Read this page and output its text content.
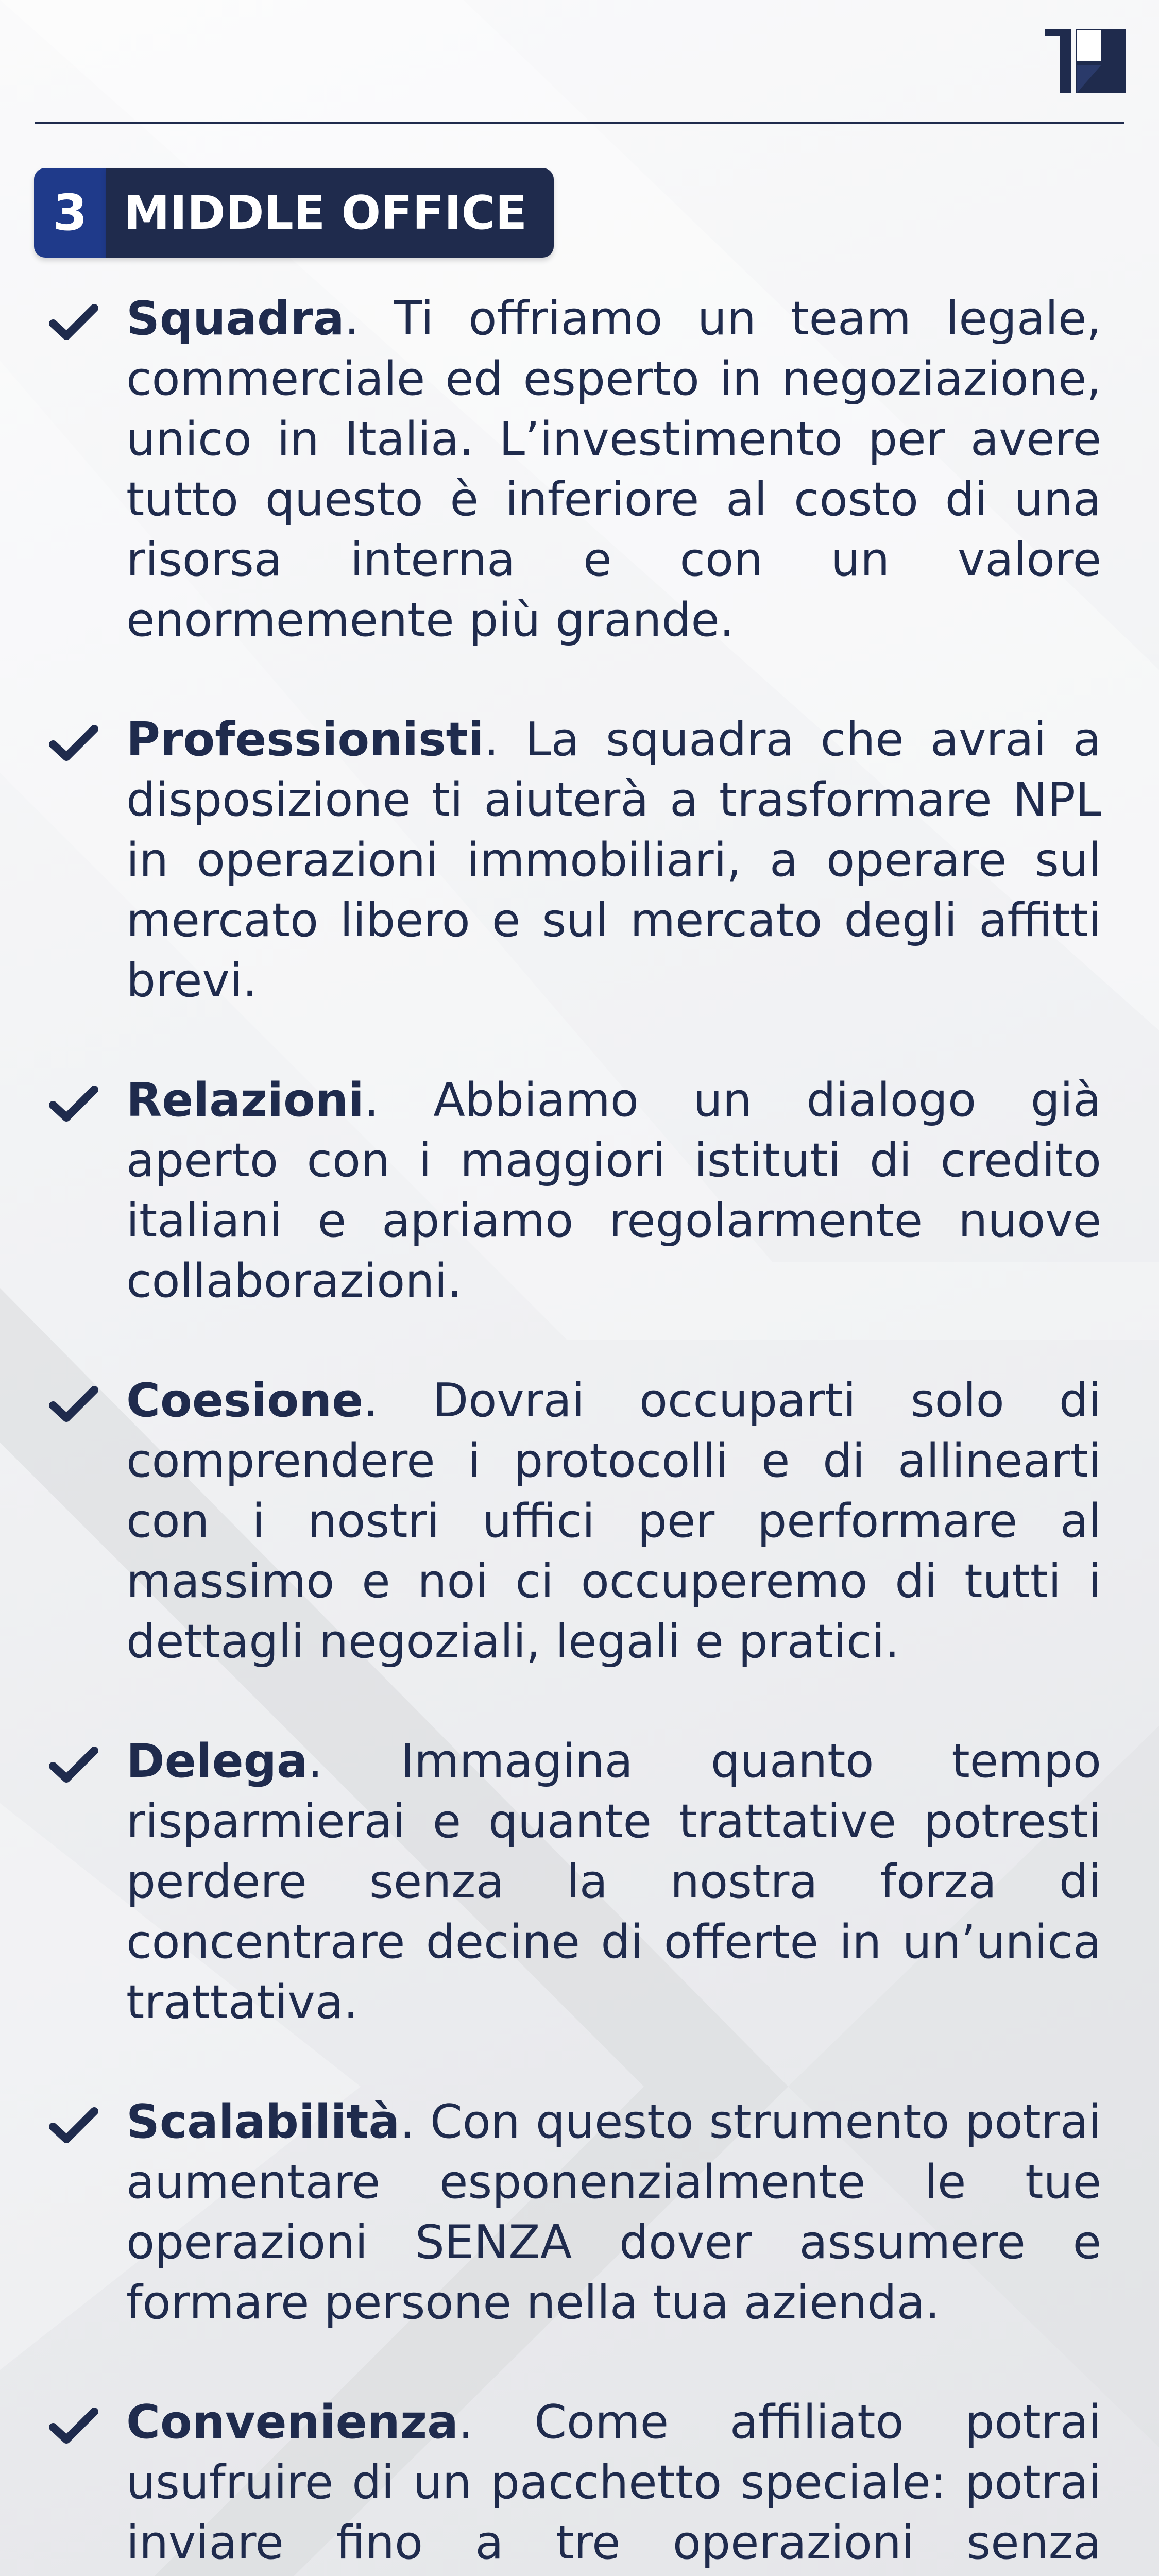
3 MIDDLE OFFICE
Squadra. Ti offriamo un team legale, commerciale ed esperto in negoziazione, unico in Italia. L’investimento per avere tutto questo è inferiore al costo di una risorsa interna e con un valore enormemente più grande.
Professionisti. La squadra che avrai a disposizione ti aiuterà a trasformare NPL in operazioni immobiliari, a operare sul mercato libero e sul mercato degli affitti brevi.
Relazioni. Abbiamo un dialogo già aperto con i maggiori istituti di credito italiani e apriamo regolarmente nuove collaborazioni.
Coesione. Dovrai occuparti solo di comprendere i protocolli e di allinearti con i nostri uffici per performare al massimo e noi ci occuperemo di tutti i dettagli negoziali, legali e pratici.
Delega. Immagina quanto tempo risparmierai e quante trattative potresti perdere senza la nostra forza di concentrare decine di offerte in un’unica trattativa.
Scalabilità. Con questo strumento potrai aumentare esponenzialmente le tue operazioni SENZA dover assumere e formare persone nella tua azienda.
Convenienza. Come affiliato potrai usufruire di un pacchetto speciale: potrai inviare fino a tre operazioni senza
